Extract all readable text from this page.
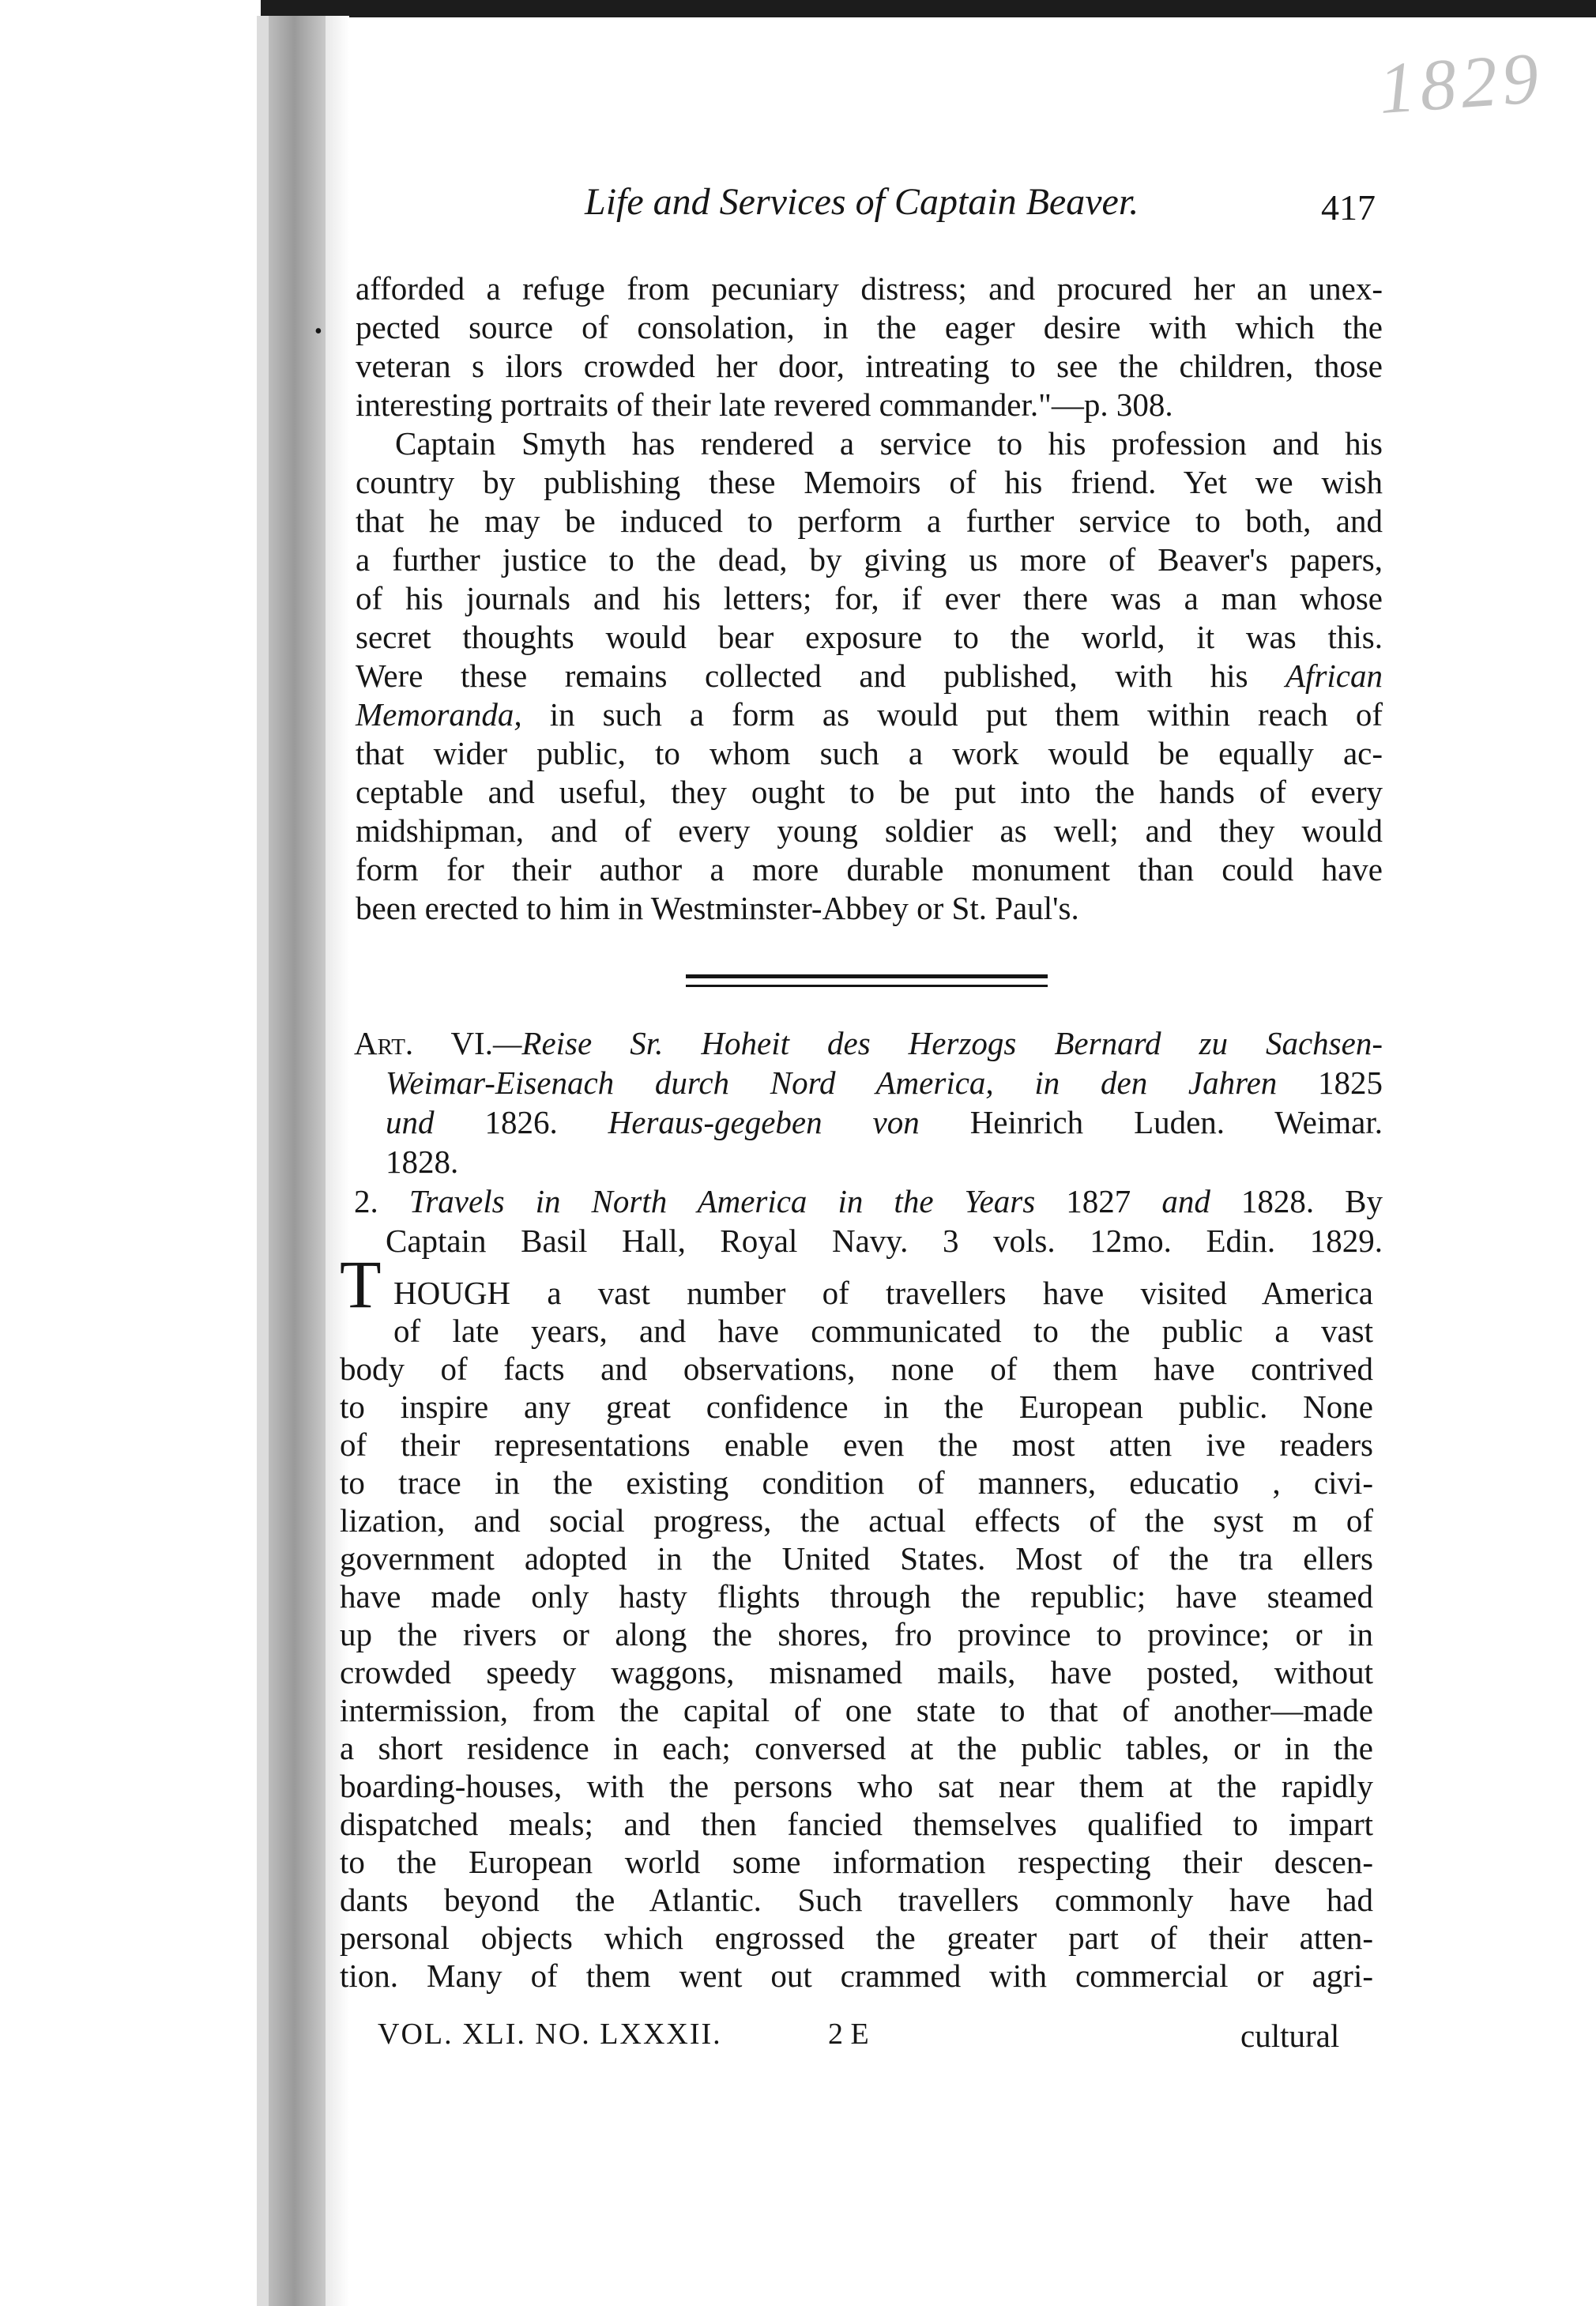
1829
Life and Services of Captain Beaver.	417
•
afforded a refuge from pecuniary distress; and procured her an unex-
pected source of consolation, in the eager desire with which the
veteran s ilors crowded her door, intreating to see the children, those
interesting portraits of their late revered commander."—p. 308.
Captain Smyth has rendered a service to his profession and his
country by publishing these Memoirs of his friend. Yet we wish
that he may be induced to perform a further service to both, and
a further justice to the dead, by giving us more of Beaver's papers,
of his journals and his letters; for, if ever there was a man whose
secret thoughts would bear exposure to the world, it was this.
Were these remains collected and published, with his African
Memoranda, in such a form as would put them within reach of
that wider public, to whom such a work would be equally ac-
ceptable and useful, they ought to be put into the hands of every
midshipman, and of every young soldier as well; and they would
form for their author a more durable monument than could have
been erected to him in Westminster-Abbey or St. Paul's.
Art. VI.—Reise Sr. Hoheit des Herzogs Bernard zu Sachsen-
Weimar-Eisenach durch Nord America, in den Jahren 1825
und 1826. Heraus-gegeben von Heinrich Luden. Weimar.
1828.
2. Travels in North America in the Years 1827 and 1828. By
Captain Basil Hall, Royal Navy. 3 vols. 12mo. Edin. 1829.
T HOUGH a vast number of travellers have visited America
of late years, and have communicated to the public a vast
body of facts and observations, none of them have contrived
to inspire any great confidence in the European public. None
of their representations enable even the most atten ive readers
to trace in the existing condition of manners, educatio , civi-
lization, and social progress, the actual effects of the syst m of
government adopted in the United States. Most of the tra ellers
have made only hasty flights through the republic; have steamed
up the rivers or along the shores, fro province to province; or in
crowded speedy waggons, misnamed mails, have posted, without
intermission, from the capital of one state to that of another—made
a short residence in each; conversed at the public tables, or in the
boarding-houses, with the persons who sat near them at the rapidly
dispatched meals; and then fancied themselves qualified to impart
to the European world some information respecting their descen-
dants beyond the Atlantic. Such travellers commonly have had
personal objects which engrossed the greater part of their atten-
tion. Many of them went out crammed with commercial or agri-
VOL. XLI. NO. LXXXII.	2 E	cultural
